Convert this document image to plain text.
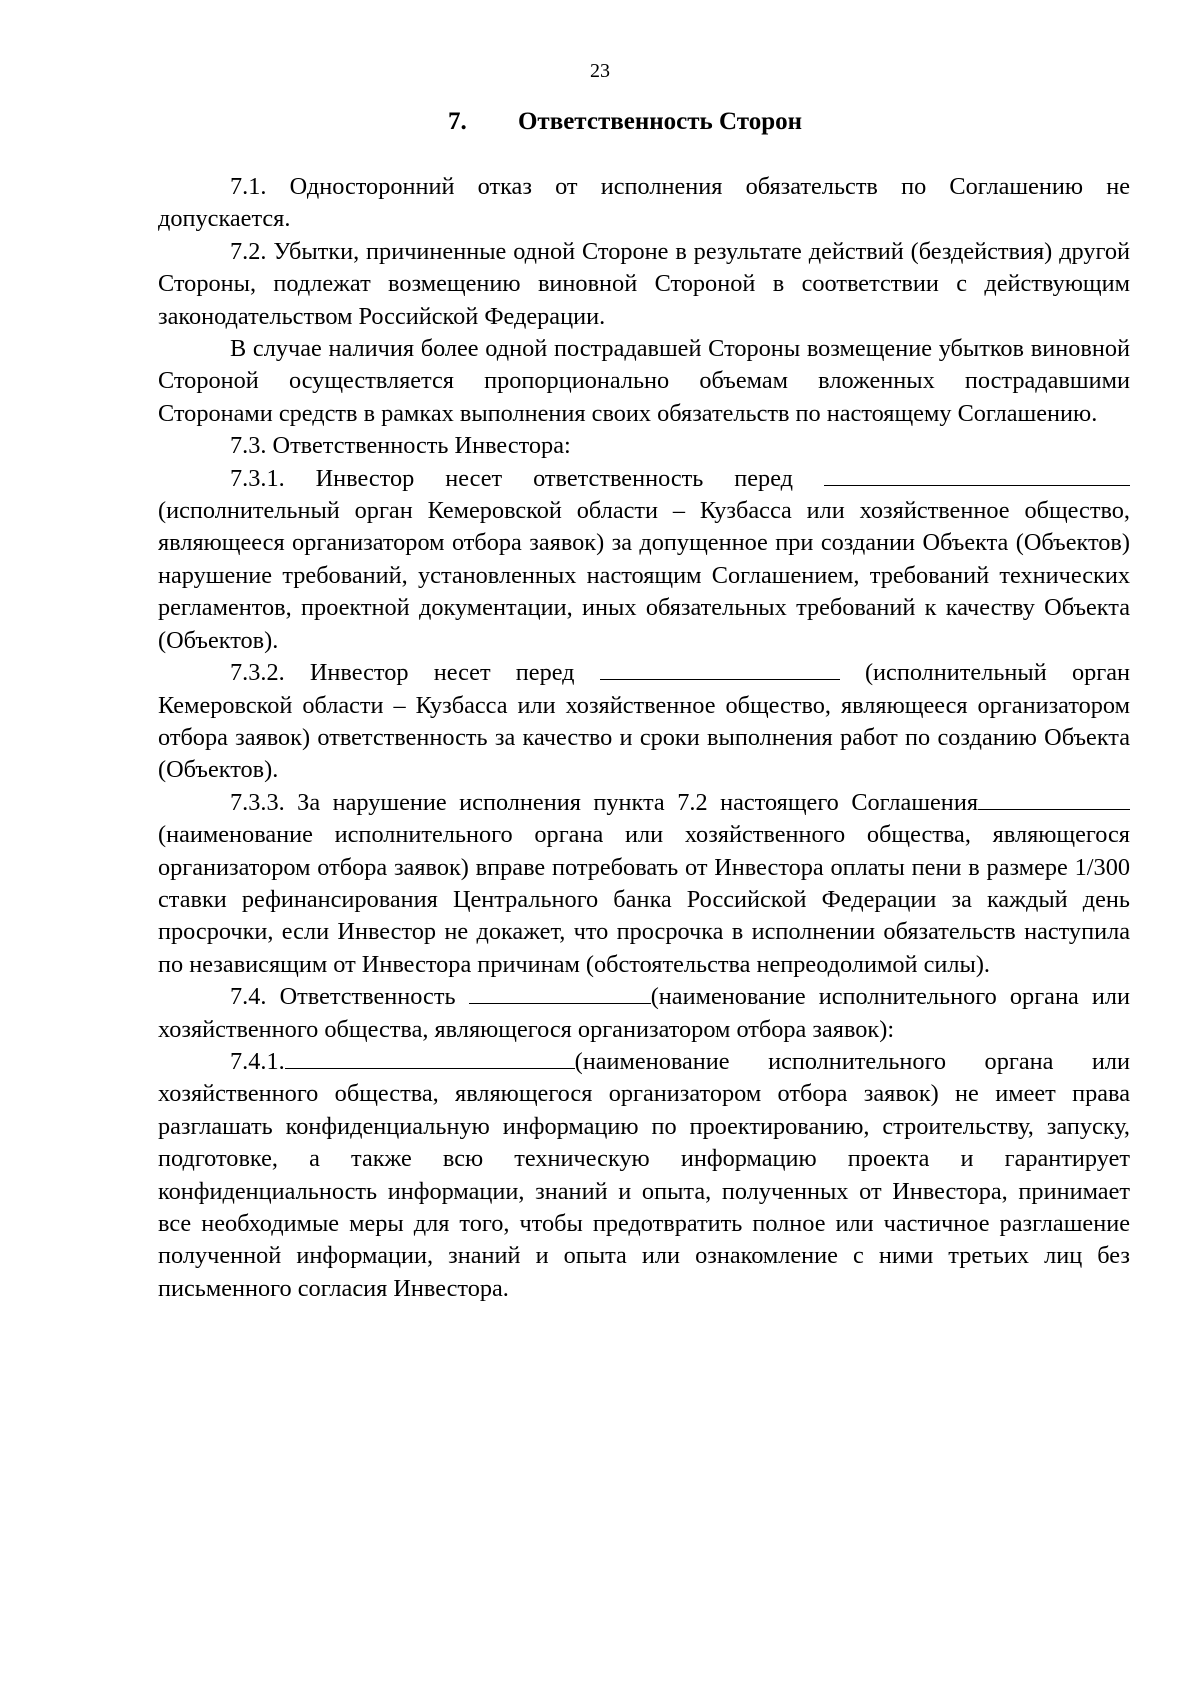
23
7. Ответственность Сторон

7.1. Односторонний отказ от исполнения обязательств по Соглашению не допускается.

7.2. Убытки, причиненные одной Стороне в результате действий (бездействия) другой Стороны, подлежат возмещению виновной Стороной в соответствии с действующим законодательством Российской Федерации.

В случае наличия более одной пострадавшей Стороны возмещение убытков виновной Стороной осуществляется пропорционально объемам вложенных пострадавшими Сторонами средств в рамках выполнения своих обязательств по настоящему Соглашению.

7.3. Ответственность Инвестора:

7.3.1. Инвестор несет ответственность перед  (исполнительный орган Кемеровской области – Кузбасса или хозяйственное общество, являющееся организатором отбора заявок) за допущенное при создании Объекта (Объектов) нарушение требований, установленных настоящим Соглашением, требований технических регламентов, проектной документации, иных обязательных требований к качеству Объекта (Объектов).

7.3.2. Инвестор несет перед	(исполнительный орган Кемеровской области – Кузбасса или хозяйственное общество, являющееся организатором отбора заявок) ответственность за качество и сроки выполнения работ по созданию Объекта (Объектов).

7.3.3. За нарушение исполнения пункта 7.2 настоящего Соглашения(наименование исполнительного органа или хозяйственного общества, являющегося организатором отбора заявок) вправе потребовать от Инвестора оплаты пени в размере 1/300 ставки рефинансирования Центрального банка Российской Федерации за каждый день просрочки, если Инвестор не докажет, что просрочка в исполнении обязательств наступила по независящим от Инвестора причинам (обстоятельства непреодолимой силы).

7.4. Ответственность	(наименование исполнительного органа или хозяйственного общества, являющегося организатором отбора заявок):

7.4.1.	(наименование исполнительного органа или хозяйственного общества, являющегося организатором отбора заявок) не имеет права разглашать конфиденциальную информацию по проектированию, строительству, запуску, подготовке, а также всю техническую информацию проекта и гарантирует конфиденциальность информации, знаний и опыта, полученных от Инвестора, принимает все необходимые меры для того, чтобы предотвратить полное или частичное разглашение полученной информации, знаний и опыта или ознакомление с ними третьих лиц без письменного согласия Инвестора.
